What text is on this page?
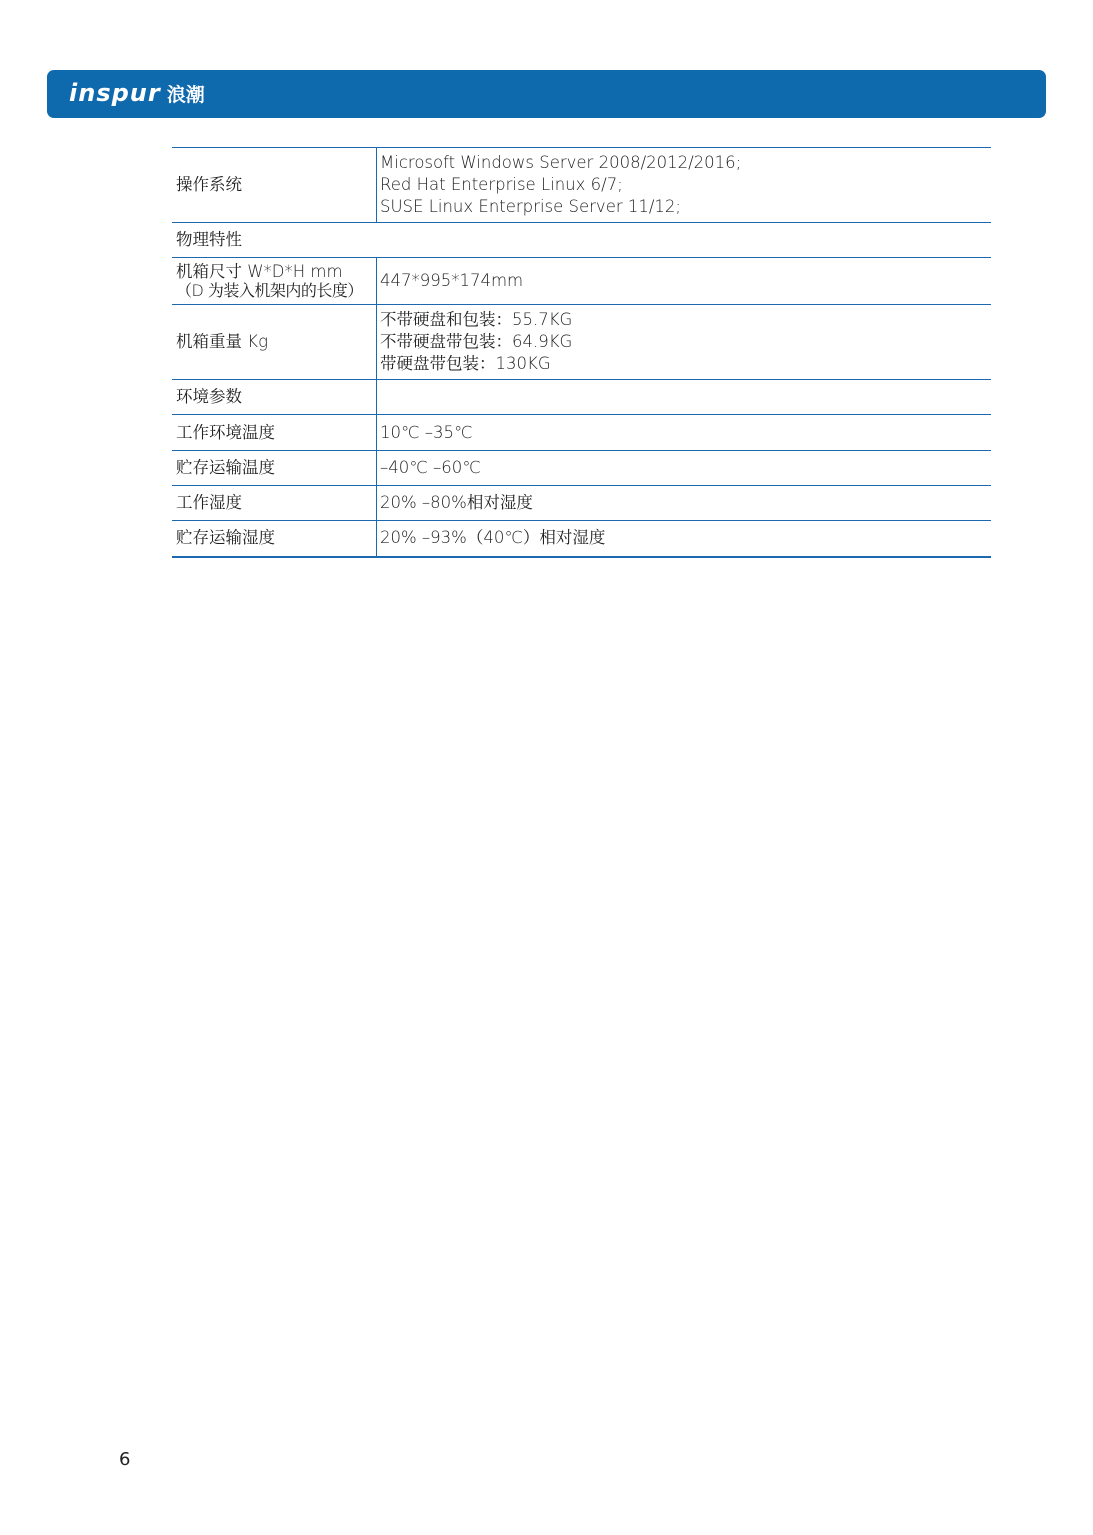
inspur 浪潮
操作系统	Microsoft Windows Server 2008/2012/2016;
Red Hat Enterprise Linux 6/7;
SUSE Linux Enterprise Server 11/12;

物理特性	
机箱尺寸 W*D*H mm
（D 为装入机架内的长度）	447*995*174mm
机箱重量 Kg	不带硬盘和包装：55.7KG
不带硬盘带包装：64.9KG
带硬盘带包装：130KG

环境参数	
工作环境温度	10℃ –35℃
贮存运输温度	–40℃ –60℃
工作湿度	20% –80%相对湿度
贮存运输湿度	20% –93%（40℃）相对湿度
6
